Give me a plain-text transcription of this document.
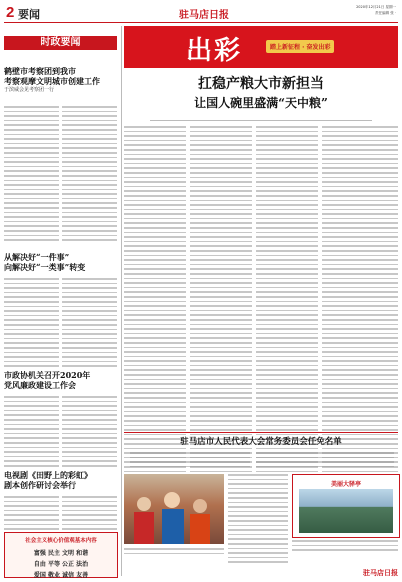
2 要闻	驻马店日报
2020年12月21日 星期一
责任编辑 张 ·
时政要闻
鹤壁市考察团到我市
考察观摩文明城市创建工作
于滨威会见考察团一行
从解决好“一件事”
向解决好“一类事”转变
市政协机关召开2020年
党风廉政建设工作会
电视剧《田野上的彩虹》
剧本创作研讨会举行
社会主义核心价值观基本内容
富强 民主 文明 和谐
自由 平等 公正 法治
爱国 敬业 诚信 友善
出彩	踏上新征程 · 奋发出彩
扛稳产粮大市新担当
让国人碗里盛满“天中粮”
驻马店市人民代表大会常务委员会任免名单
美丽大驿亭
驻马店日报
